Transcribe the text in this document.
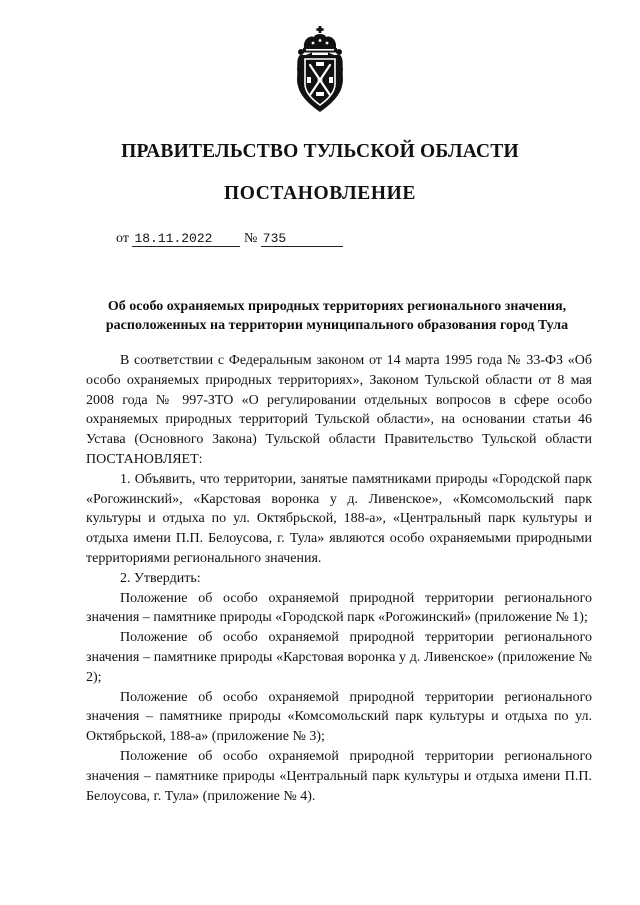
ПРАВИТЕЛЬСТВО ТУЛЬСКОЙ ОБЛАСТИ
ПОСТАНОВЛЕНИЕ
от 18.11.2022 № 735

Об особо охраняемых природных территориях регионального значения, расположенных на территории муниципального образования город Тула

В соответствии с Федеральным законом от 14 марта 1995 года № 33-ФЗ «Об особо охраняемых природных территориях», Законом Тульской области от 8 мая 2008 года № 997-ЗТО «О регулировании отдельных вопросов в сфере особо охраняемых природных территорий Тульской области», на основании статьи 46 Устава (Основного Закона) Тульской области Правительство Тульской области ПОСТАНОВЛЯЕТ:

1. Объявить, что территории, занятые памятниками природы «Городской парк «Рогожинский», «Карстовая воронка у д. Ливенское», «Комсомольский парк культуры и отдыха по ул. Октябрьской, 188-а», «Центральный парк культуры и отдыха имени П.П. Белоусова, г. Тула» являются особо охраняемыми природными территориями регионального значения.

2. Утвердить:

Положение об особо охраняемой природной территории регионального значения – памятнике природы «Городской парк «Рогожинский» (приложение № 1);

Положение об особо охраняемой природной территории регионального значения – памятнике природы «Карстовая воронка у д. Ливенское» (приложение № 2);

Положение об особо охраняемой природной территории регионального значения – памятнике природы «Комсомольский парк культуры и отдыха по ул. Октябрьской, 188-а» (приложение № 3);

Положение об особо охраняемой природной территории регионального значения – памятнике природы «Центральный парк культуры и отдыха имени П.П. Белоусова, г. Тула» (приложение № 4).
